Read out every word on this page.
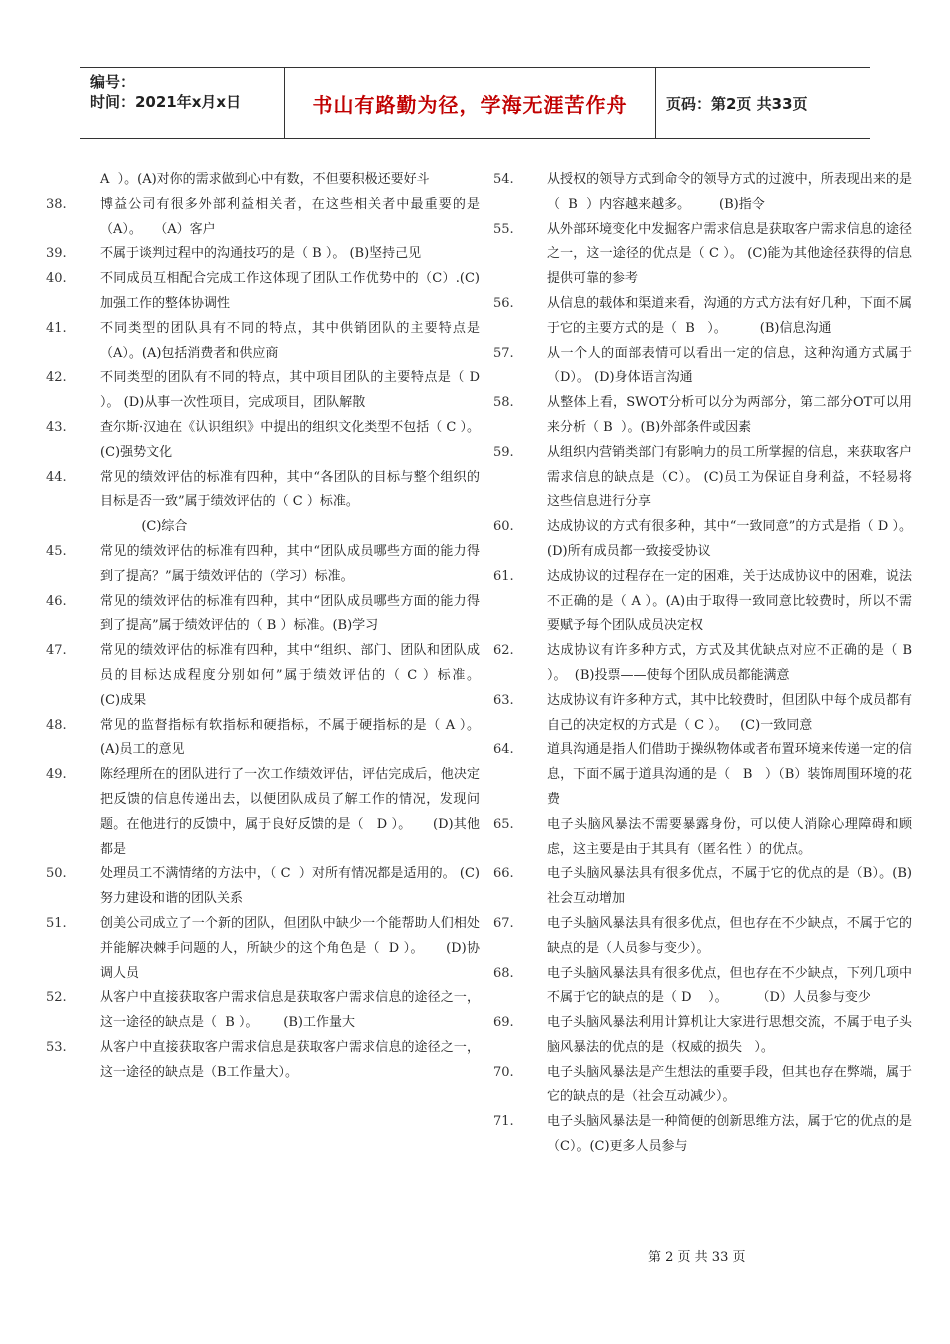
编号：
时间：2021年x月x日	书山有路勤为径，学海无涯苦作舟	页码：第2页 共33页
A  ）。(A)对你的需求做到心中有数，不但要积极还要好斗
38.	博益公司有很多外部利益相关者，在这些相关者中最重要的是（A）。   （A）客户
39.	不属于谈判过程中的沟通技巧的是（ B ）。 (B)坚持己见
40.	不同成员互相配合完成工作这体现了团队工作优势中的（C）.(C)加强工作的整体协调性
41.	不同类型的团队具有不同的特点，其中供销团队的主要特点是（A）。(A)包括消费者和供应商
42.	不同类型的团队有不同的特点，其中项目团队的主要特点是（ D ）。 (D)从事一次性项目，完成项目，团队解散
43.	查尔斯·汉迪在《认识组织》中提出的组织文化类型不包括（ C ）。 (C)强势文化
44.	常见的绩效评估的标准有四种，其中“各团队的目标与整个组织的目标是否一致”属于绩效评估的（ C ）标准。
(C)综合
45.	常见的绩效评估的标准有四种，其中“团队成员哪些方面的能力得到了提高？”属于绩效评估的（学习）标准。

46.	常见的绩效评估的标准有四种，其中“团队成员哪些方面的能力得到了提高”属于绩效评估的（ B ）标准。(B)学习
47.	常见的绩效评估的标准有四种，其中“组织、部门、团队和团队成员的目标达成程度分别如何”属于绩效评估的（ C ）标准。      (C)成果
48.	常见的监督指标有软指标和硬指标，不属于硬指标的是（ A ）。    (A)员工的意见
49.	陈经理所在的团队进行了一次工作绩效评估，评估完成后，他决定把反馈的信息传递出去，以便团队成员了解工作的情况，发现问题。在他进行的反馈中，属于良好反馈的是（   D ）。     (D)其他都是
50.	处理员工不满情绪的方法中，（ C  ）对所有情况都是适用的。 (C)努力建设和谐的团队关系
51.	创美公司成立了一个新的团队，但团队中缺少一个能帮助人们相处并能解决棘手问题的人，所缺少的这个角色是（  D ）。     (D)协调人员
52.	从客户中直接获取客户需求信息是获取客户需求信息的途径之一，这一途径的缺点是（  B ）。      (B)工作量大
53.	从客户中直接获取客户需求信息是获取客户需求信息的途径之一，这一途径的缺点是（B工作量大）。
54.	从授权的领导方式到命令的领导方式的过渡中，所表现出来的是（  B  ）内容越来越多。       (B)指令
55.	从外部环境变化中发掘客户需求信息是获取客户需求信息的途径之一，这一途径的优点是（ C ）。 (C)能为其他途径获得的信息提供可靠的参考
56.	从信息的载体和渠道来看，沟通的方式方法有好几种，下面不属于它的主要方式的是（  B   ）。        (B)信息沟通
57.	从一个人的面部表情可以看出一定的信息，这种沟通方式属于（D）。 (D)身体语言沟通
58.	从整体上看，SWOT分析可以分为两部分，第二部分OT可以用来分析（ B  ）。(B)外部条件或因素
59.	从组织内营销类部门有影响力的员工所掌握的信息，来获取客户需求信息的缺点是（C）。 (C)员工为保证自身利益，不轻易将这些信息进行分享
60.	达成协议的方式有很多种，其中“一致同意”的方式是指（ D ）。  (D)所有成员都一致接受协议
61.	达成协议的过程存在一定的困难，关于达成协议中的困难，说法不正确的是（ A ）。(A)由于取得一致同意比较费时，所以不需要赋予每个团队成员决定权
62.	达成协议有许多种方式，方式及其优缺点对应不正确的是（ B  ）。  (B)投票——使每个团队成员都能满意
63.	达成协议有许多种方式，其中比较费时，但团队中每个成员都有自己的决定权的方式是（ C ）。   (C)一致同意
64.	道具沟通是指人们借助于操纵物体或者布置环境来传递一定的信息，下面不属于道具沟通的是（   B   ）（B）装饰周围环境的花费
65.	电子头脑风暴法不需要暴露身份，可以使人消除心理障碍和顾虑，这主要是由于其具有（匿名性 ）的优点。
66.	电子头脑风暴法具有很多优点，不属于它的优点的是（B）。(B)社会互动增加
67.	电子头脑风暴法具有很多优点，但也存在不少缺点，不属于它的缺点的是（人员参与变少）。
68.	电子头脑风暴法具有很多优点，但也存在不少缺点，下列几项中不属于它的缺点的是（ D    ）。       （D）人员参与变少
69.	电子头脑风暴法利用计算机让大家进行思想交流，不属于电子头脑风暴法的优点的是（权威的损失   ）。
70.	电子头脑风暴法是产生想法的重要手段，但其也存在弊端，属于它的缺点的是（社会互动减少）。
71.	电子头脑风暴法是一种简便的创新思维方法，属于它的优点的是（C）。(C)更多人员参与
第 2 页 共 33 页
